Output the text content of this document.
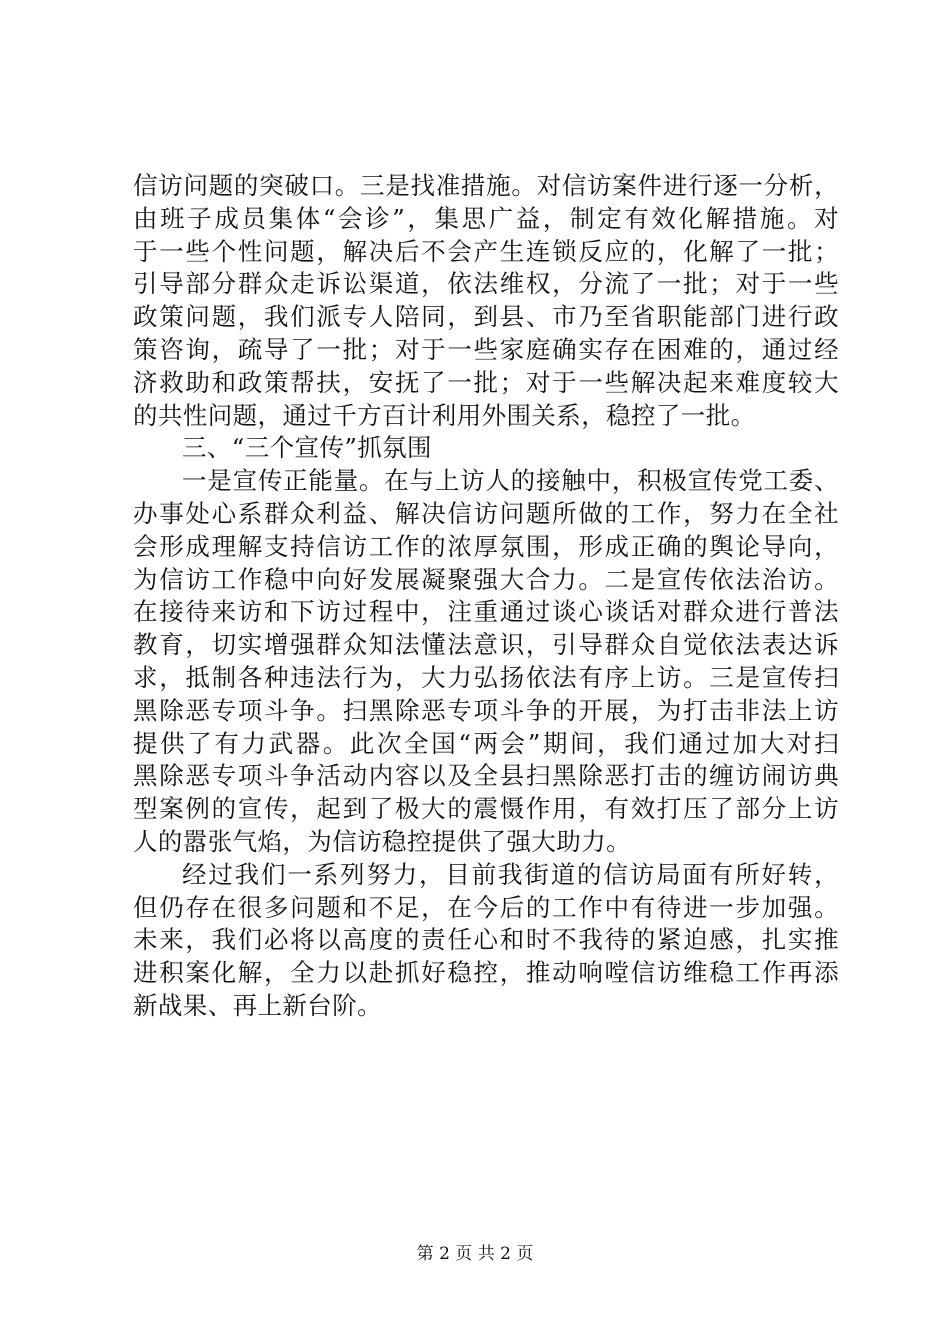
信访问题的突破口。三是找准措施。对信访案件进行逐一分析，
由班子成员集体“会诊”，集思广益，制定有效化解措施。对
于一些个性问题，解决后不会产生连锁反应的，化解了一批；
引导部分群众走诉讼渠道，依法维权，分流了一批；对于一些
政策问题，我们派专人陪同，到县、市乃至省职能部门进行政
策咨询，疏导了一批；对于一些家庭确实存在困难的，通过经
济救助和政策帮扶，安抚了一批；对于一些解决起来难度较大
的共性问题，通过千方百计利用外围关系，稳控了一批。
三、“三个宣传”抓氛围
一是宣传正能量。在与上访人的接触中，积极宣传党工委、
办事处心系群众利益、解决信访问题所做的工作，努力在全社
会形成理解支持信访工作的浓厚氛围，形成正确的舆论导向，
为信访工作稳中向好发展凝聚强大合力。二是宣传依法治访。
在接待来访和下访过程中，注重通过谈心谈话对群众进行普法
教育，切实增强群众知法懂法意识，引导群众自觉依法表达诉
求，抵制各种违法行为，大力弘扬依法有序上访。三是宣传扫
黑除恶专项斗争。扫黑除恶专项斗争的开展，为打击非法上访
提供了有力武器。此次全国“两会”期间，我们通过加大对扫
黑除恶专项斗争活动内容以及全县扫黑除恶打击的缠访闹访典
型案例的宣传，起到了极大的震慑作用，有效打压了部分上访
人的嚣张气焰，为信访稳控提供了强大助力。
经过我们一系列努力，目前我街道的信访局面有所好转，
但仍存在很多问题和不足，在今后的工作中有待进一步加强。
未来，我们必将以高度的责任心和时不我待的紧迫感，扎实推
进积案化解，全力以赴抓好稳控，推动响嘡信访维稳工作再添
新战果、再上新台阶。
第 2 页 共 2 页
